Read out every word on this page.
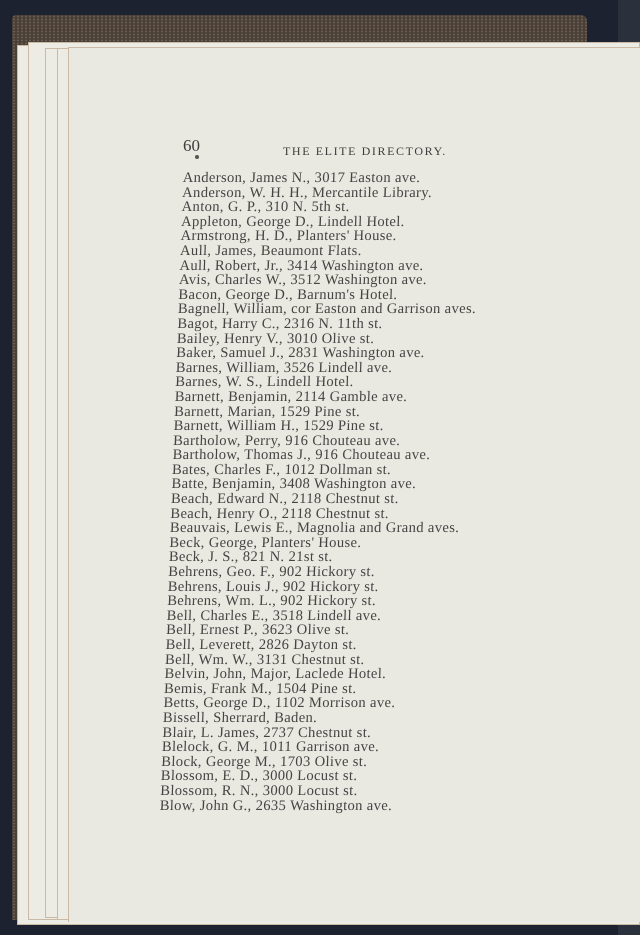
60	THE ELITE DIRECTORY.
Anderson, James N., 3017 Easton ave.
Anderson, W. H. H., Mercantile Library.
Anton, G. P., 310 N. 5th st.
Appleton, George D., Lindell Hotel.
Armstrong, H. D., Planters' House.
Aull, James, Beaumont Flats.
Aull, Robert, Jr., 3414 Washington ave.
Avis, Charles W., 3512 Washington ave.
Bacon, George D., Barnum's Hotel.
Bagnell, William, cor Easton and Garrison aves.
Bagot, Harry C., 2316 N. 11th st.
Bailey, Henry V., 3010 Olive st.
Baker, Samuel J., 2831 Washington ave.
Barnes, William, 3526 Lindell ave.
Barnes, W. S., Lindell Hotel.
Barnett, Benjamin, 2114 Gamble ave.
Barnett, Marian, 1529 Pine st.
Barnett, William H., 1529 Pine st.
Bartholow, Perry, 916 Chouteau ave.
Bartholow, Thomas J., 916 Chouteau ave.
Bates, Charles F., 1012 Dollman st.
Batte, Benjamin, 3408 Washington ave.
Beach, Edward N., 2118 Chestnut st.
Beach, Henry O., 2118 Chestnut st.
Beauvais, Lewis E., Magnolia and Grand aves.
Beck, George, Planters' House.
Beck, J. S., 821 N. 21st st.
Behrens, Geo. F., 902 Hickory st.
Behrens, Louis J., 902 Hickory st.
Behrens, Wm. L., 902 Hickory st.
Bell, Charles E., 3518 Lindell ave.
Bell, Ernest P., 3623 Olive st.
Bell, Leverett, 2826 Dayton st.
Bell, Wm. W., 3131 Chestnut st.
Belvin, John, Major, Laclede Hotel.
Bemis, Frank M., 1504 Pine st.
Betts, George D., 1102 Morrison ave.
Bissell, Sherrard, Baden.
Blair, L. James, 2737 Chestnut st.
Blelock, G. M., 1011 Garrison ave.
Block, George M., 1703 Olive st.
Blossom, E. D., 3000 Locust st.
Blossom, R. N., 3000 Locust st.
Blow, John G., 2635 Washington ave.
